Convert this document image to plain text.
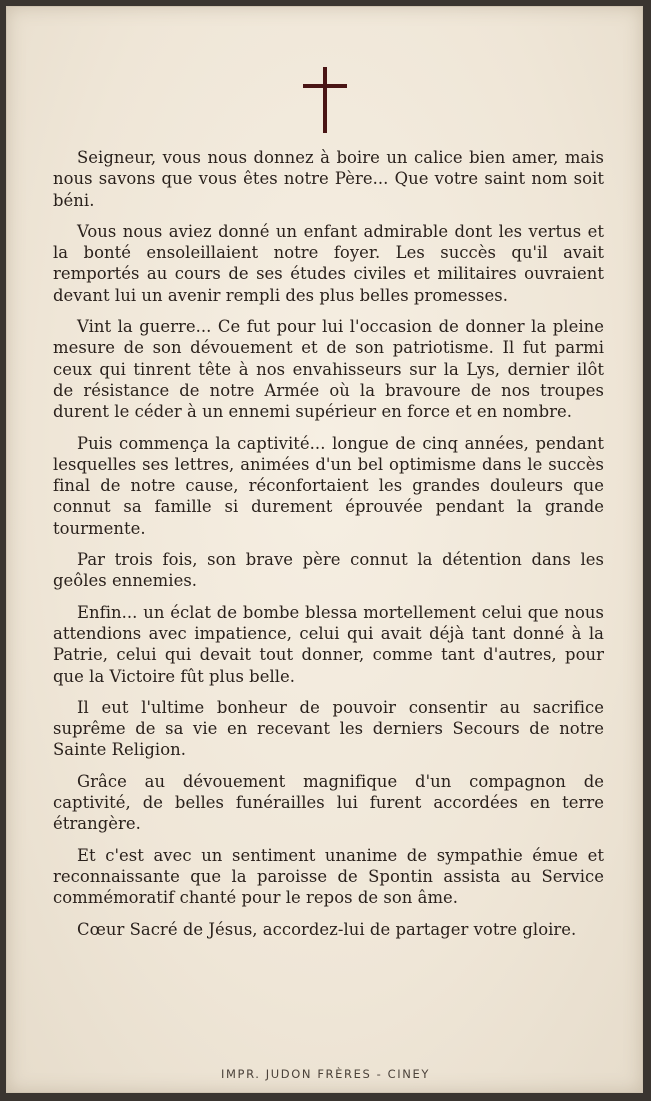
Seigneur, vous nous donnez à boire un calice bien amer, mais nous savons que vous êtes notre Père... Que votre saint nom soit béni.

Vous nous aviez donné un enfant admirable dont les vertus et la bonté ensoleillaient notre foyer. Les succès qu'il avait remportés au cours de ses études civiles et militaires ouvraient devant lui un avenir rempli des plus belles promesses.

Vint la guerre... Ce fut pour lui l'occasion de donner la pleine mesure de son dévouement et de son patriotisme. Il fut parmi ceux qui tinrent tête à nos envahisseurs sur la Lys, dernier ilôt de résistance de notre Armée où la bravoure de nos troupes durent le céder à un ennemi supérieur en force et en nombre.

Puis commença la captivité... longue de cinq années, pendant lesquelles ses lettres, animées d'un bel optimisme dans le succès final de notre cause, réconfortaient les grandes douleurs que connut sa famille si durement éprouvée pendant la grande tourmente.

Par trois fois, son brave père connut la détention dans les geôles ennemies.

Enfin... un éclat de bombe blessa mortellement celui que nous attendions avec impatience, celui qui avait déjà tant donné à la Patrie, celui qui devait tout donner, comme tant d'autres, pour que la Victoire fût plus belle.

Il eut l'ultime bonheur de pouvoir consentir au sacrifice suprême de sa vie en recevant les derniers Secours de notre Sainte Religion.

Grâce au dévouement magnifique d'un compagnon de captivité, de belles funérailles lui furent accordées en terre étrangère.

Et c'est avec un sentiment unanime de sympathie émue et reconnaissante que la paroisse de Spontin assista au Service commémoratif chanté pour le repos de son âme.

Cœur Sacré de Jésus, accordez-lui de partager votre gloire.

IMPR. JUDON FRÈRES - CINEY
